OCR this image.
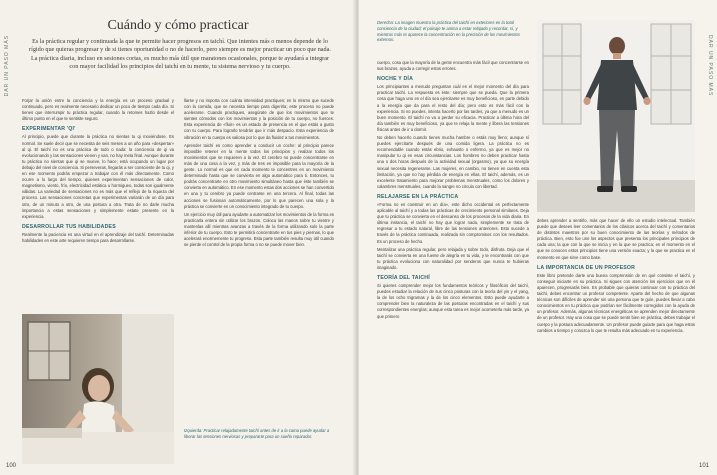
DAR UN PASO MÁS
Cuándo y cómo practicar
Es la práctica regular y continuada la que te permite hacer progresos en taichí. Que intentes más o menos depende de lo rígido que quieras progresar y de si tienes oportunidad o no de hacerlo, pero siempre es mejor practicar un poco que nada. La práctica diaria, incluso en sesiones cortas, es mucho más útil que maratones ocasionales, porque te ayudará a integrar con mayor facilidad los principios del taichí en tu mente, tu sistema nervioso y tu cuerpo.

Forjar la unión entre la conciencia y la energía es un proceso gradual y continuado, pero es realmente necesario dedicar un poco de tiempo cada día. Si tienes que interrumpir tu práctica regular, cuando la retomes hazlo desde el último punto en el que te sentiste seguro.

EXPERIMENTAR 'QI'

Al principio, puede que durante la práctica no sientas tu qi moviéndose. Es normal. Se suele decir que se necesita de seis meses a un año para «despertar» al qi. El taichí no es una práctica de todo o nada: la conciencia de qi va evolucionando y las sensaciones vienen y van, no hay meta final. Aunque durante tu práctica no sientas que qi se mueve, lo hace; está ocupando un lugar por debajo del nivel de conciencia. Si perseveras, llegarás a ser consciente de tu qi, y en ese momento podrás empezar a trabajar con él más directamente. Como ocurre a lo largo del tiempo, quienes experimentan sensaciones de calor, magnetismo, viento, frío, electricidad estática u hormigueo, todas son igualmente válidas. La variedad de sensaciones no es más que el reflejo de la riqueza del proceso. Las sensaciones concretas que experimentas variarán de un día para otro, de un minuto a otro, de una postura a otra. Trata de no darle mucha importancia a estas sensaciones y simplemente estate presente en la experiencia.

DESARROLLAR TUS HABILIDADES

Realmente la paciencia es una virtud en el aprendizaje del taichí. Determinadas habilidades en este arte requieren tiempo para desarrollarse.

llarse y no importa con cuánta intensidad practiques; en lo mismo que sucede con la comida, que se necesita tiempo para digerirla; este proceso no puede acelerarse. Cuando practiques, asegúrate de que los movimientos que te sientes cómodos con los movimientos y la posición de tu cuerpo, no fuerces. Esta experiencia de «fluir» es un estado de presencia en el que estás a gusto con tu cuerpo. Para lograrlo tendrás que ir más despacio. Esta experiencia de vibración en tu cuerpo es valiosa por lo que da fluidez a tus movimientos.

Aprender taichí es como aprender a conducir un coche: al principio parece imposible retener en la mente todos los principios y realizar todos los movimientos que se requieren a la vez. El cerebro no puede concentrarse en más de una cosa a la vez, y más de tres es imposible para la mayoría de la gente. Lo normal es que en cada momento te concentres en un movimiento determinado hasta que se convierta en algo automático para ti. Entonces, tu podrás concentrarte en otro movimiento simultáneo hasta que éste también se convierta en automático. En ese momento estas dos acciones se han convertido en una y tu cerebro ya puede centrarse en una tercera. Al final, todas las acciones se fusionan automáticamente, por lo que parecen una sola y la práctica se convierte en un conocimiento integrado de tu cuerpo.

Un ejercicio muy útil para ayudarte a automatizar los movimientos de la forma es practicarla entera sin utilizar los brazos. Coloca las manos sobre tu vientre y mantenlas allí mientras avanzas a través de la forma utilizando solo la parte inferior de tu cuerpo. Esto te permitirá concentrarte en tus pies y piernas, lo que acelerará enormemente tu progreso. Esta parte también resulta muy útil cuando se pierde el control de la propia forma o no se puede mover bien.

Izquierda: Practicar relajadamente taichí antes de ir a la cama puede ayudar a liberar las tensiones nerviosas y prepararte para un sueño reparador.
100
DAR UN PASO MÁS
Derecha: La imagen muestra la práctica del taichí en exteriores en la total conciencia de la ciudad; el paisaje te anima a estar relajado y recordar, sí, y mientras más te aparece la concentración en la precisión de los movimientos externos.

cuerpo, cosa que la mayoría de la gente encuentra más fácil que concentrarse en sus brazos, ayuda a corregir estos errores.

NOCHE Y DÍA

Los principiantes a menudo preguntan cuál es el mejor momento del día para practicar taichí. La respuesta es éste: siempre que se pueda. Que la primera cosa que haga uno en el día sea ejercitarse es muy beneficioso, en parte debido a la energía que da para el resto del día; pero esto es más fácil con la experiencia. Si no puedes, intenta hacerlo por las tardes, ya que a menudo es un buen momento. El taichí no va a perder su eficacia. Practicar a última hora del día también es muy beneficioso, ya que te relaja la mente y libera las tensiones físicas antes de ir a dormir.

No deben hacerlo cuando tienes mucha hambre o estás muy lleno; aunque sí puedes ejercitarte después de una comida ligera. La práctica no es recomendable cuando estás ebrio, exhausto o enfermo, ya que es mejor no manipular tu qi en esas circunstancias. Los hombres no deben practicar hasta una o dos horas después de la actividad sexual (orgasmo), ya que su energía sexual necesita regenerarse. Las mujeres, en cambio, no tienen en cuenta esta limitación, ya que no hay pérdida de energía en ellas. El taichí, además, es un excelente tratamiento para mejorar problemas menstruales, como los dolores y calambres menstruales, cuando la sangre no circula con libertad.

RELAJARSE EN LA PRÁCTICA

«Forma no es construir en un día», este dicho occidental es perfectamente aplicable al taichí y a todas las prácticas de crecimiento personal similares. Deja que tu práctica se convierta en el descanso de los procesos de la vida diaria. En última instancia, el taichí no hay que lograr nada, simplemente se trata de regresar a tu estado natural, libre de las tensiones anteriores. Esto sucede a través de la práctica continuada, realizada sin compromisos con los resultados. Es un proceso de hecho.

Mentalizar una práctica regular, pero relajada y sobre todo, disfruta. Deja que el taichí se convierta en una fuente de alegría en tu vida, y te encontrarás con que tu práctica evoluciona con naturalidad por senderos que nunca te hubieras imaginado.

TEORÍA DEL TAICHÍ

Si quieres comprender mejor los fundamentos teóricos y filosóficos del taichí, puedes estudiar la relación de sus cinco posturas con la teoría del yin y el yang, la de los ocho trigramas y la de los cinco elementos. Esto puede ayudarte a comprender bien la naturaleza de las posturas encontradas en el taichí y sus correspondientes energías; aunque esta tarea es mejor acometerla más tarde, ya que primero

debes aprender a sentirlo, más que hacer de ello un estudio intelectual. También puede que desees leer comentarios de los clásicos acerca del taichí y comentarios de distintos maestros por su buen conocimiento de las teorías y métodos de práctica. Bien, esto fue uno los aspectos que presenta los principales principios de cada una; la que con la que se inicia y en la que se practica; en el momento en el que se conocen estos principios tiene una versión exacta; y la que se practica en el momento en que sirve como base.

LA IMPORTANCIA DE UN PROFESOR

Este libro pretende darte una buena comprensión de en qué consiste el taichí, y conseguir iniciarte en su práctica. Si sigues con atención los ejercicios que en él aparecen, progresarás bien. Es probable que quieras continuar con tu práctica del taichí, debes encontrar un profesor competente. Aparte del hecho de que algunas técnicas son difíciles de aprender sin una persona que te guíe, puedes llevar a cabo conocimientos en tu práctica que podrían ser fácilmente corregidos con la ayuda de un profesor. Además, algunas técnicas energéticas se aprenden mejor directamente de un profesor. Hay una cosa que se puede sentir bien en práctica, debes trabajar el cuerpo y la postura adecuadamente. Un profesor puede guiarte para que haga estos cambios a tiempo y conozca lo que te resulta más adecuado en tu experiencia.

101
